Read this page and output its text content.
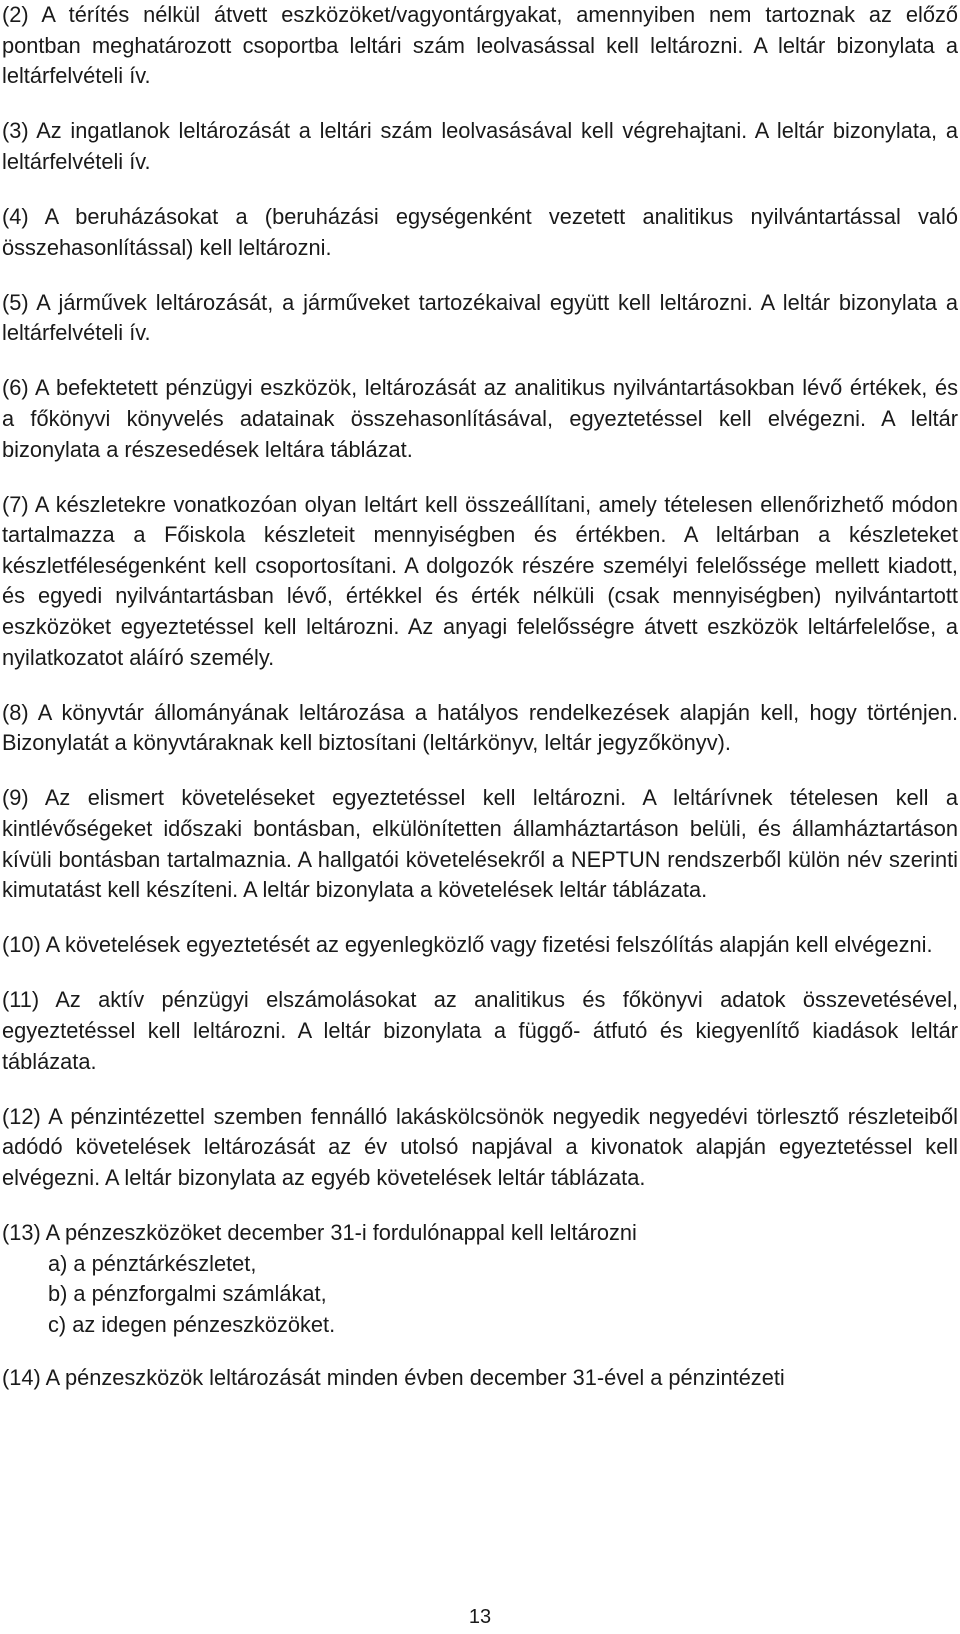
(2) A térítés nélkül átvett eszközöket/vagyontárgyakat, amennyiben nem tartoznak az előző pontban meghatározott csoportba leltári szám leolvasással kell leltározni. A leltár bizonylata a leltárfelvételi ív.

(3) Az ingatlanok leltározását a leltári szám leolvasásával kell végrehajtani. A leltár bizonylata, a leltárfelvételi ív.

(4) A beruházásokat a (beruházási egységenként vezetett analitikus nyilvántartással való összehasonlítással) kell leltározni.

(5) A járművek leltározását, a járműveket tartozékaival együtt kell leltározni. A leltár bizonylata a leltárfelvételi ív.

(6) A befektetett pénzügyi eszközök, leltározását az analitikus nyilvántartásokban lévő értékek, és a főkönyvi könyvelés adatainak összehasonlításával, egyeztetéssel kell elvégezni. A leltár bizonylata a részesedések leltára táblázat.

(7) A készletekre vonatkozóan olyan leltárt kell összeállítani, amely tételesen ellenőrizhető módon tartalmazza a Főiskola készleteit mennyiségben és értékben. A leltárban a készleteket készletféleségenként kell csoportosítani. A dolgozók részére személyi felelőssége mellett kiadott, és egyedi nyilvántartásban lévő, értékkel és érték nélküli (csak mennyiségben) nyilvántartott eszközöket egyeztetéssel kell leltározni. Az anyagi felelősségre átvett eszközök leltárfelelőse, a nyilatkozatot aláíró személy.

(8) A könyvtár állományának leltározása a hatályos rendelkezések alapján kell, hogy történjen. Bizonylatát a könyvtáraknak kell biztosítani (leltárkönyv, leltár jegyzőkönyv).

(9) Az elismert követeléseket egyeztetéssel kell leltározni. A leltárívnek tételesen kell a kintlévőségeket időszaki bontásban, elkülönítetten államháztartáson belüli, és államháztartáson kívüli bontásban tartalmaznia. A hallgatói követelésekről a NEPTUN rendszerből külön név szerinti kimutatást kell készíteni. A leltár bizonylata a követelések leltár táblázata.

(10) A követelések egyeztetését az egyenlegközlő vagy fizetési felszólítás alapján kell elvégezni.

(11) Az aktív pénzügyi elszámolásokat az analitikus és főkönyvi adatok összevetésével, egyeztetéssel kell leltározni. A leltár bizonylata a függő- átfutó és kiegyenlítő kiadások leltár táblázata.

(12) A pénzintézettel szemben fennálló lakáskölcsönök negyedik negyedévi törlesztő részleteiből adódó követelések leltározását az év utolsó napjával a kivonatok alapján egyeztetéssel kell elvégezni. A leltár bizonylata az egyéb követelések leltár táblázata.

(13) A pénzeszközöket december 31-i fordulónappal kell leltározni

a) a pénztárkészletet,
b) a pénzforgalmi számlákat,
c) az idegen pénzeszközöket.

(14) A pénzeszközök leltározását minden évben december 31-ével a pénzintézeti

13
